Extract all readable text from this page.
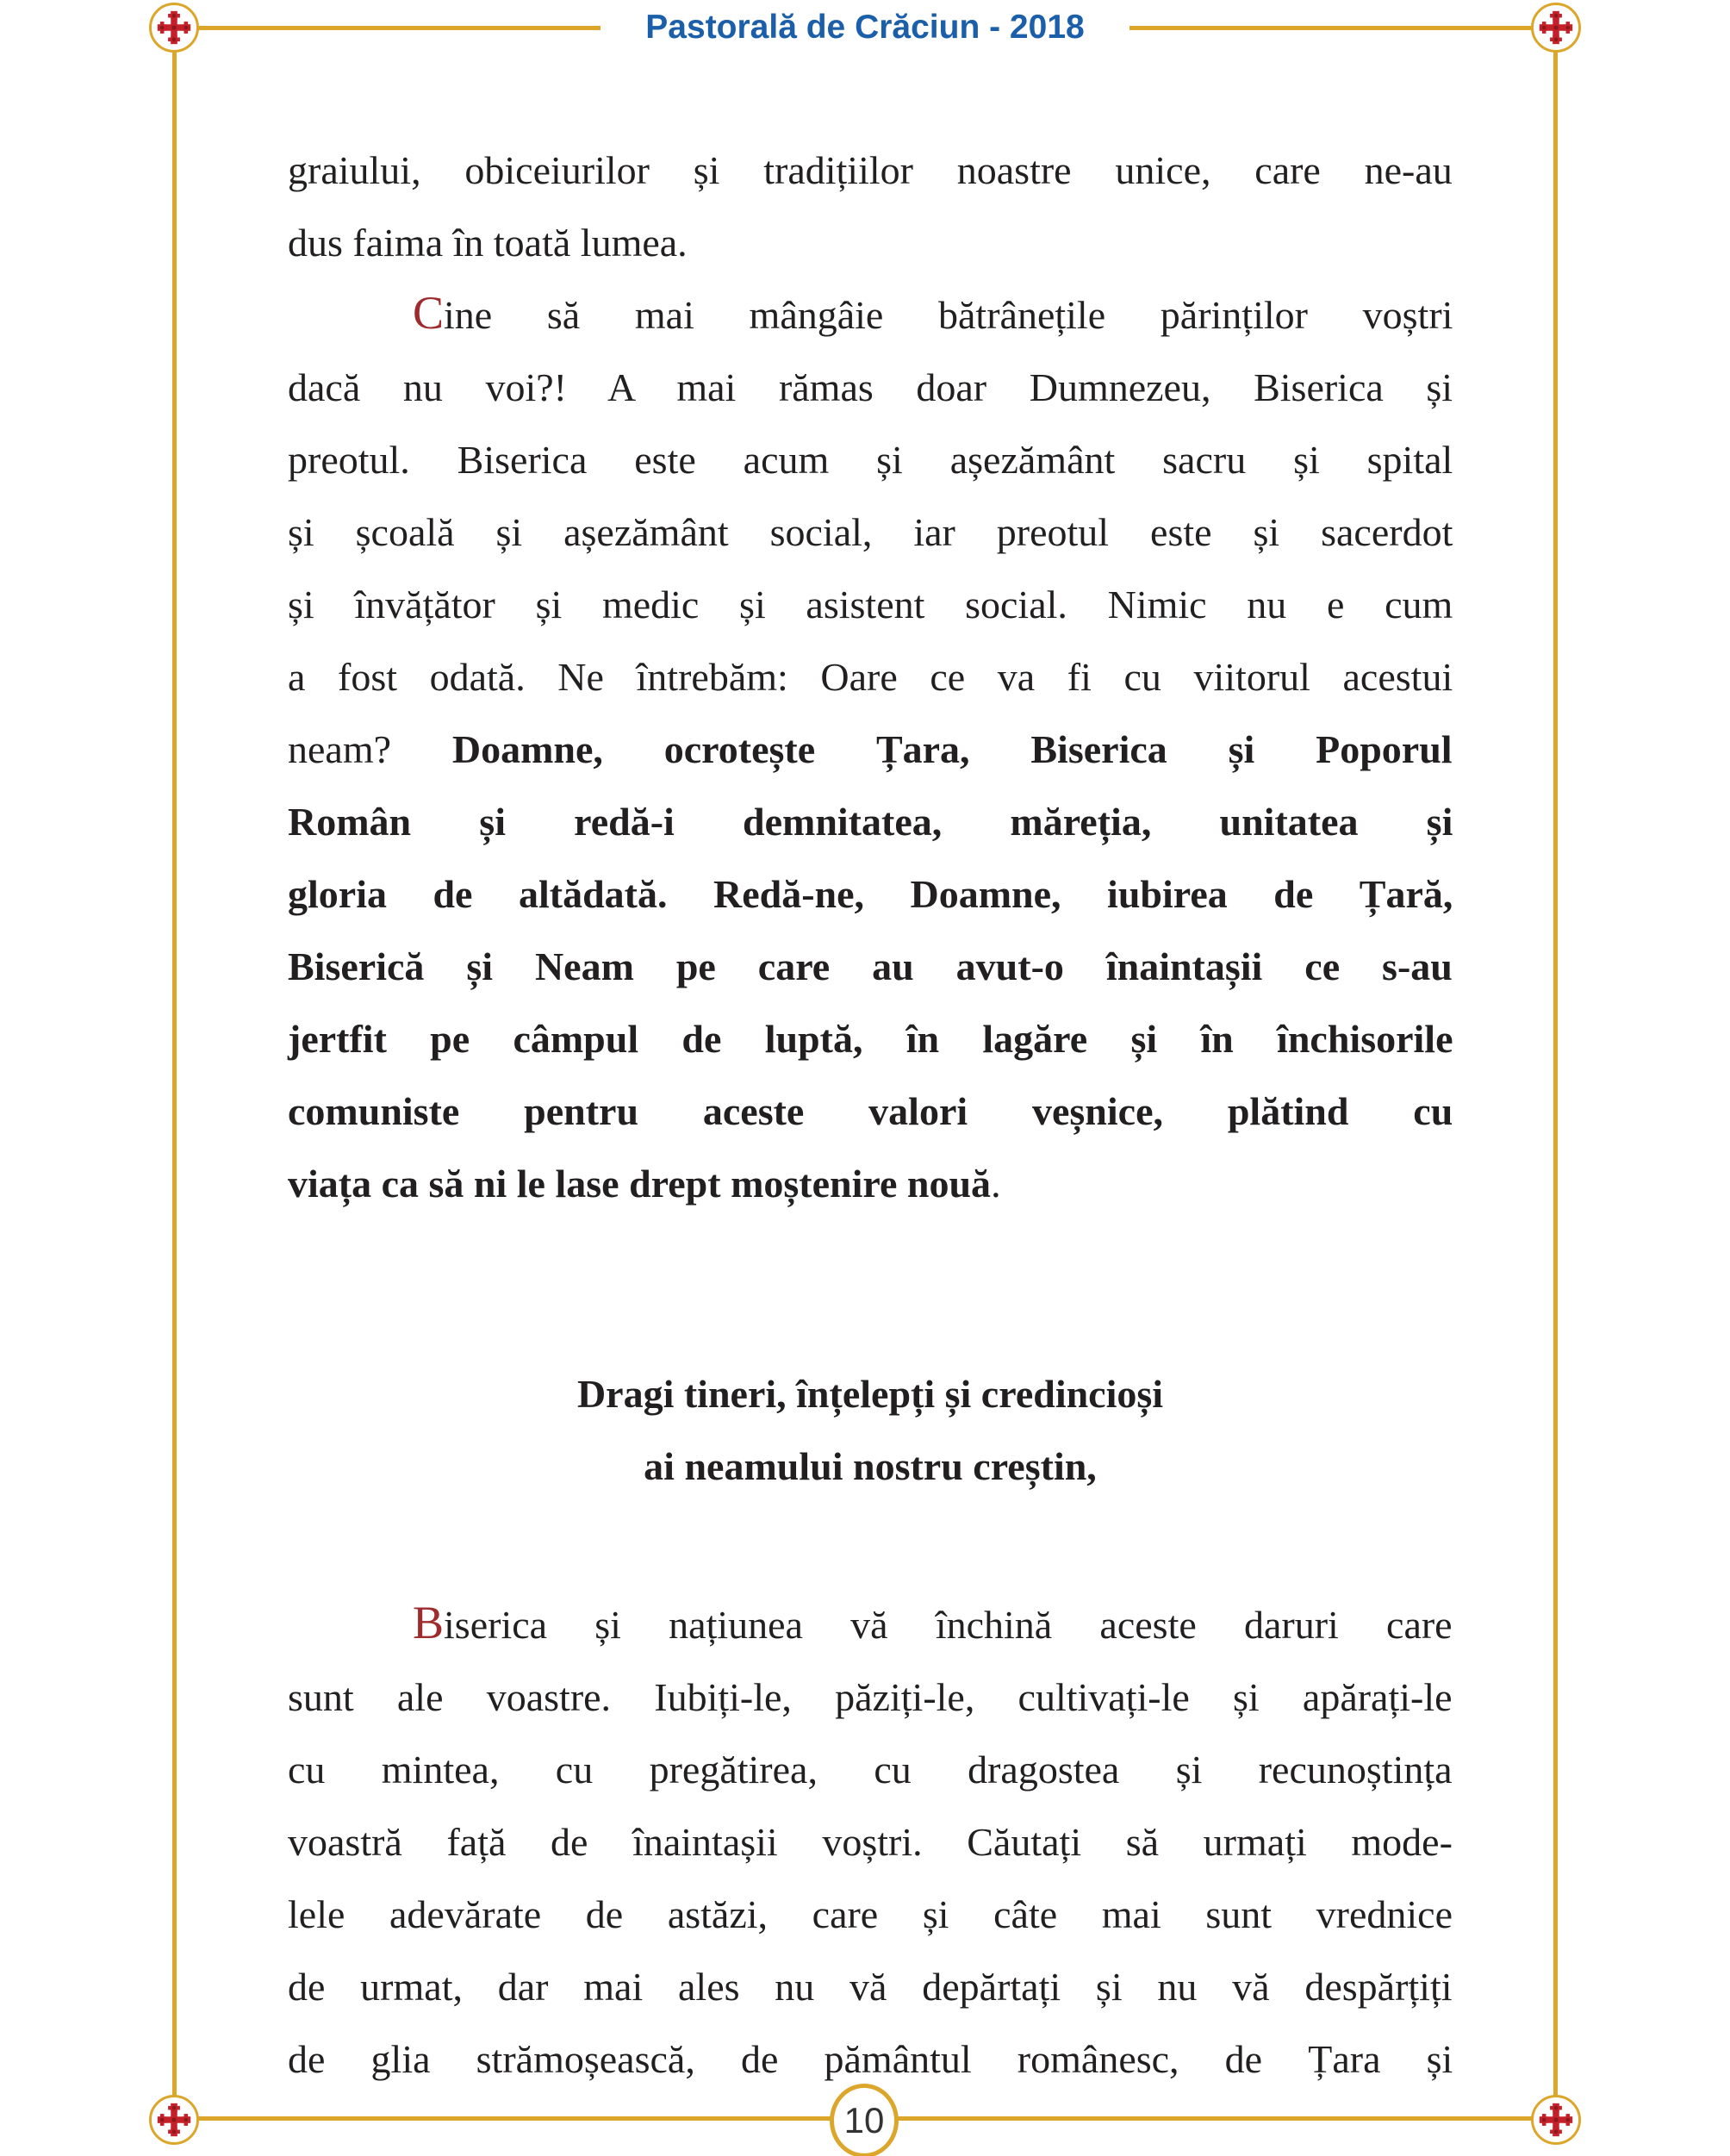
Pastorală de Crăciun - 2018
10
graiului, obiceiurilor și tradițiilor noastre unice, care ne-au
dus faima în toată lumea.
Cine să mai mângâie bătrânețile părinților voștri
dacă nu voi?! A mai rămas doar Dumnezeu, Biserica și
preotul. Biserica este acum și așezământ sacru și spital
și școală și așezământ social, iar preotul este și sacerdot
și învățător și medic și asistent social. Nimic nu e cum
a fost odată. Ne întrebăm: Oare ce va fi cu viitorul acestui
neam? Doamne, ocrotește Țara, Biserica și Poporul
Român și redă-i demnitatea, măreția, unitatea și
gloria de altădată. Redă-ne, Doamne, iubirea de Țară,
Biserică și Neam pe care au avut-o înaintașii ce s-au
jertfit pe câmpul de luptă, în lagăre și în închisorile
comuniste pentru aceste valori veșnice, plătind cu
viața ca să ni le lase drept moștenire nouă.
Dragi tineri, înțelepți și credincioși
ai neamului nostru creștin,
Biserica și națiunea vă închină aceste daruri care
sunt ale voastre. Iubiți-le, păziți-le, cultivați-le și apărați-le
cu mintea, cu pregătirea, cu dragostea și recunoștința
voastră față de înaintașii voștri. Căutați să urmați mode-
lele adevărate de astăzi, care și câte mai sunt vrednice
de urmat, dar mai ales nu vă depărtați și nu vă despărțiți
de glia strămoșească, de pământul românesc, de Țara și
